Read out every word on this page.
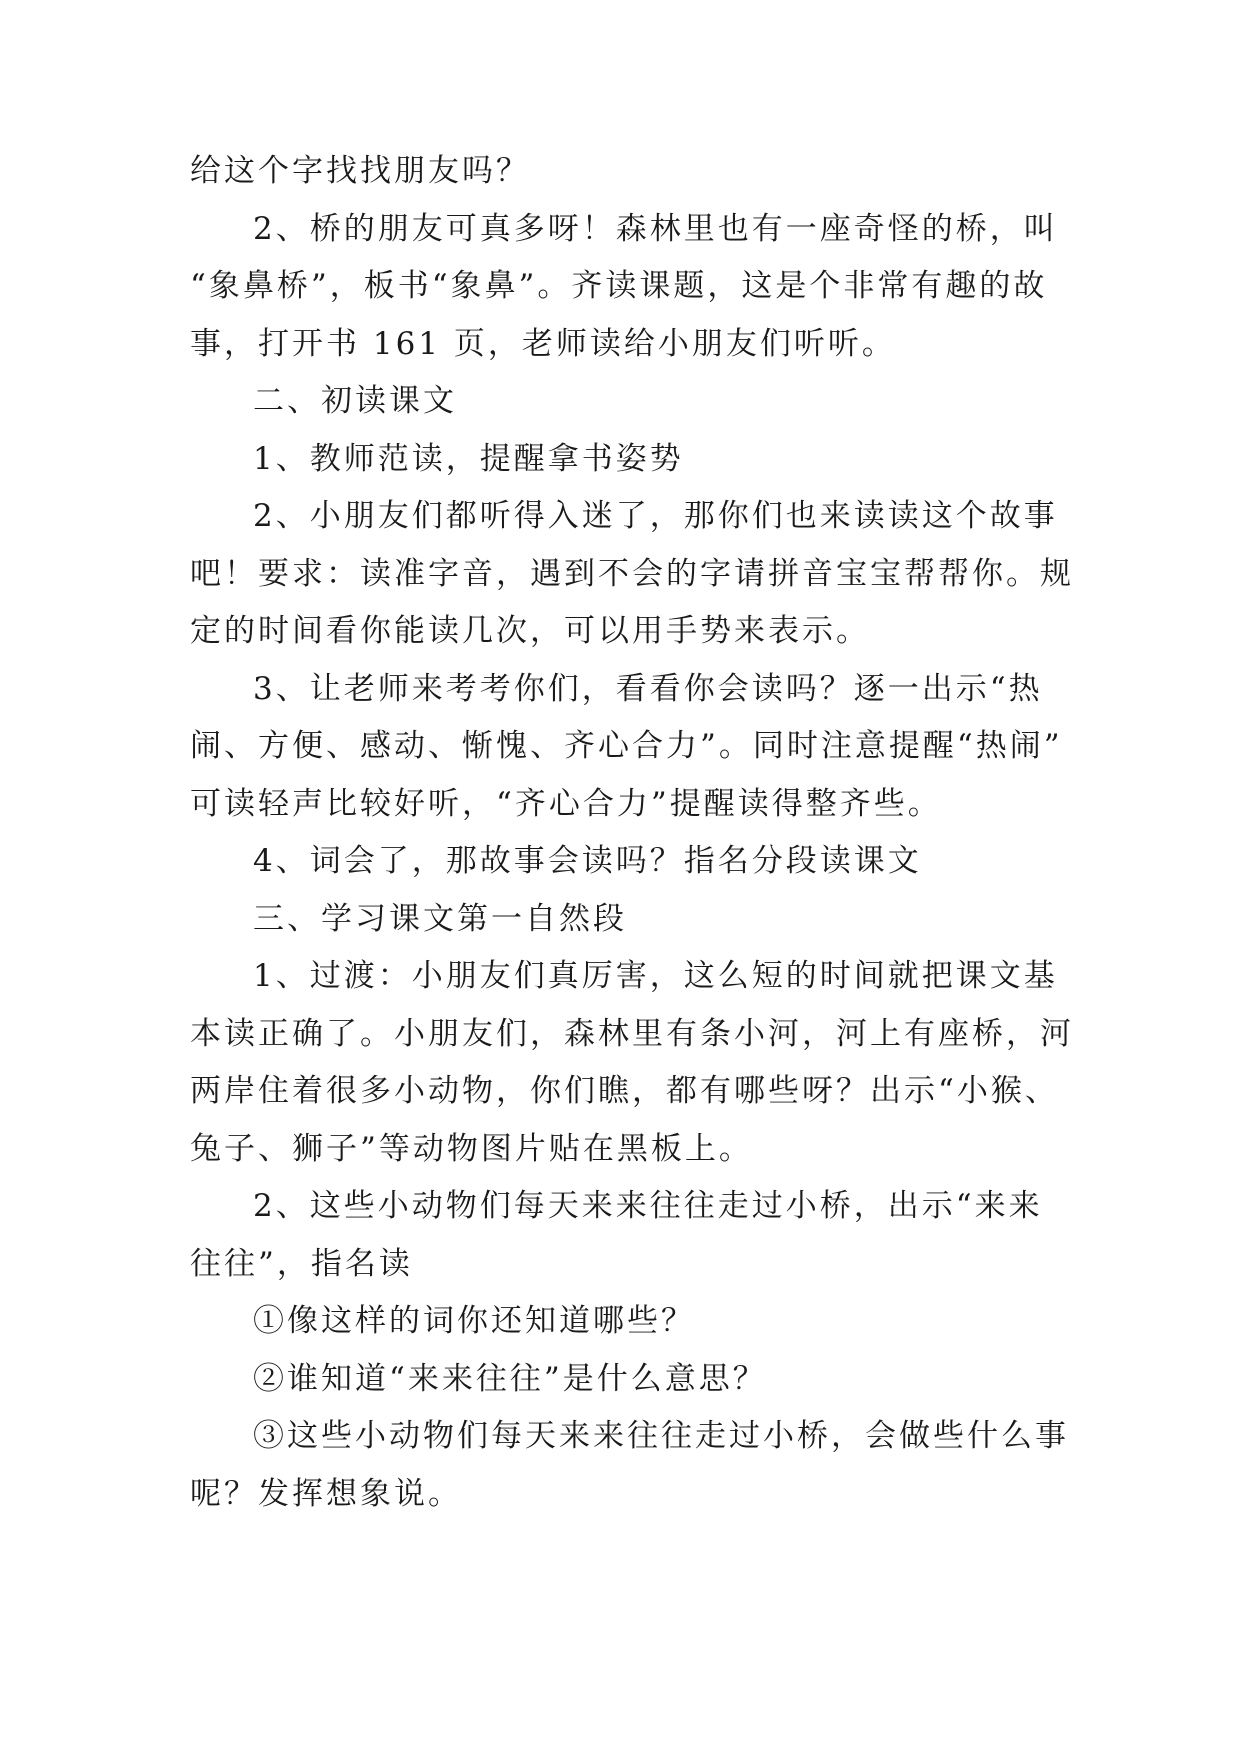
给这个字找找朋友吗？
2、桥的朋友可真多呀！森林里也有一座奇怪的桥，叫
“象鼻桥”，板书“象鼻”。齐读课题，这是个非常有趣的故
事，打开书 161 页，老师读给小朋友们听听。
二、初读课文
1、教师范读，提醒拿书姿势
2、小朋友们都听得入迷了，那你们也来读读这个故事
吧！要求：读准字音，遇到不会的字请拼音宝宝帮帮你。规
定的时间看你能读几次，可以用手势来表示。
3、让老师来考考你们，看看你会读吗？逐一出示“热
闹、方便、感动、惭愧、齐心合力”。同时注意提醒“热闹”
可读轻声比较好听，“齐心合力”提醒读得整齐些。
4、词会了，那故事会读吗？指名分段读课文
三、学习课文第一自然段
1、过渡：小朋友们真厉害，这么短的时间就把课文基
本读正确了。小朋友们，森林里有条小河，河上有座桥，河
两岸住着很多小动物，你们瞧，都有哪些呀？出示“小猴、
兔子、狮子”等动物图片贴在黑板上。
2、这些小动物们每天来来往往走过小桥，出示“来来
往往”，指名读
①像这样的词你还知道哪些？
②谁知道“来来往往”是什么意思？
③这些小动物们每天来来往往走过小桥，会做些什么事
呢？发挥想象说。
